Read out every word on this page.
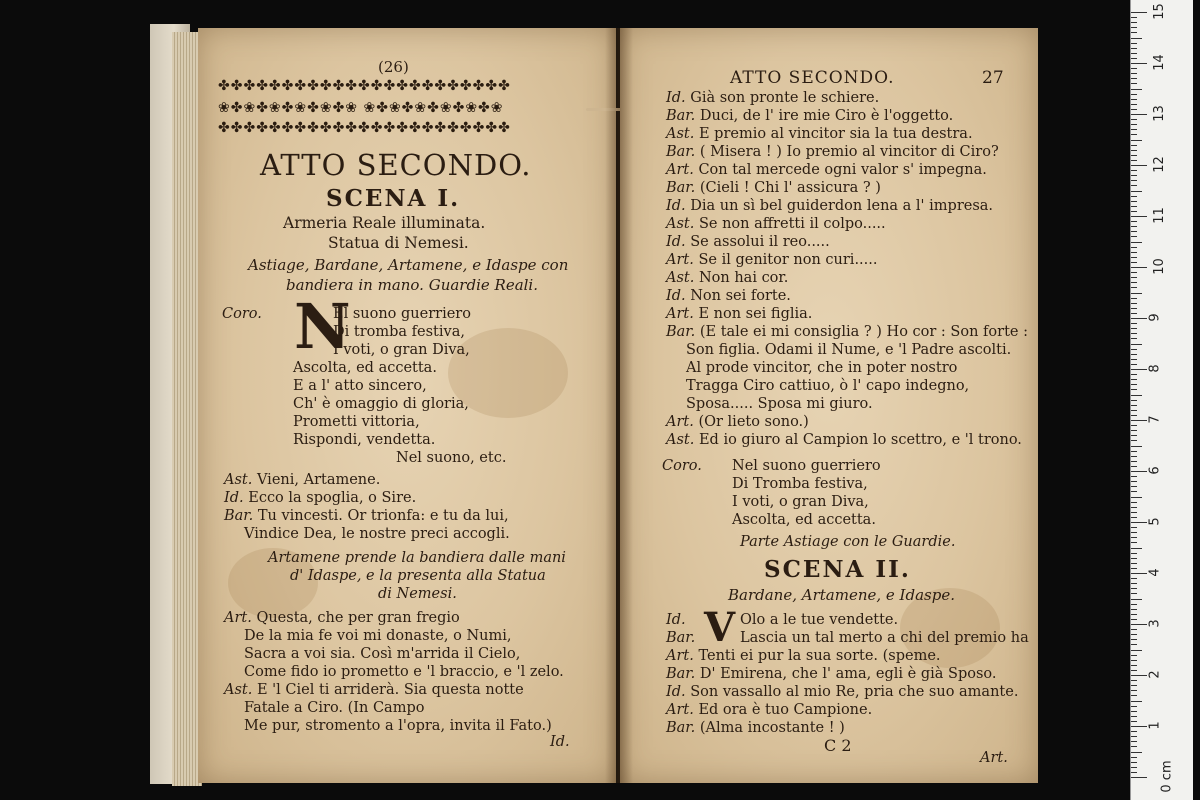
(26)
✤✤✤✤✤✤✤✤✤✤✤✤✤✤✤✤✤✤✤✤✤✤✤
❀✤❀✤❀✤❀✤❀✤❀ ❀✤❀✤❀✤❀✤❀✤❀
✤✤✤✤✤✤✤✤✤✤✤✤✤✤✤✤✤✤✤✤✤✤✤
ATTO SECONDO.
SCENA I.
Armeria Reale illuminata.
Statua di Nemesi.
Astiage, Bardane, Artamene, e Idaspe con
bandiera in mano. Guardie Reali.
Coro. N
El suono guerriero
Di tromba festiva,
I voti, o gran Diva,
Ascolta, ed accetta.
E a l' atto sincero,
Ch' è omaggio di gloria,
Prometti vittoria,
Rispondi, vendetta.
Nel suono, etc.
Ast. Vieni, Artamene.
Id. Ecco la spoglia, o Sire.
Bar. Tu vincesti. Or trionfa: e tu da lui,
Vindice Dea, le nostre preci accogli.
Artamene prende la bandiera dalle mani
d' Idaspe, e la presenta alla Statua
di Nemesi.
Art. Questa, che per gran fregio
De la mia fe voi mi donaste, o Numi,
Sacra a voi sia. Così m'arrida il Cielo,
Come fido io prometto e 'l braccio, e 'l zelo.
Ast. E 'l Ciel ti arriderà. Sia questa notte
Fatale a Ciro. (In Campo
Me pur, stromento a l'opra, invita il Fato.)
Id.
ATTO SECONDO.	27
Id. Già son pronte le schiere.
Bar. Duci, de l' ire mie Ciro è l'oggetto.
Ast. E premio al vincitor sia la tua destra.
Bar. ( Misera ! ) Io premio al vincitor di Ciro?
Art. Con tal mercede ogni valor s' impegna.
Bar. (Cieli ! Chi l' assicura ? )
Id. Dia un sì bel guiderdon lena a l' impresa.
Ast. Se non affretti il colpo.....
Id. Se assolui il reo.....
Art. Se il genitor non curi.....
Ast. Non hai cor.
Id. Non sei forte.
Art. E non sei figlia.
Bar. (E tale ei mi consiglia ? ) Ho cor : Son forte :
Son figlia. Odami il Nume, e 'l Padre ascolti.
Al prode vincitor, che in poter nostro
Tragga Ciro cattiuo, ò l' capo indegno,
Sposa..... Sposa mi giuro.
Art. (Or lieto sono.)
Ast. Ed io giuro al Campion lo scettro, e 'l trono.
Coro. Nel suono guerriero
Di Tromba festiva,
I voti, o gran Diva,
Ascolta, ed accetta.
Parte Astiage con le Guardie.
SCENA II.
Bardane, Artamene, e Idaspe.
V
Id.	Olo a le tue vendette.
Bar.	Lascia un tal merto a chi del premio ha
Art. Tenti ei pur la sua sorte. (speme.
Bar. D' Emirena, che l' ama, egli è già Sposo.
Id. Son vassallo al mio Re, pria che suo amante.
Art. Ed ora è tuo Campione.
Bar. (Alma incostante ! )
C 2
Art.
15
14
13
12
11
10
9
8
7
6
5
4
3
2
1
0 cm
